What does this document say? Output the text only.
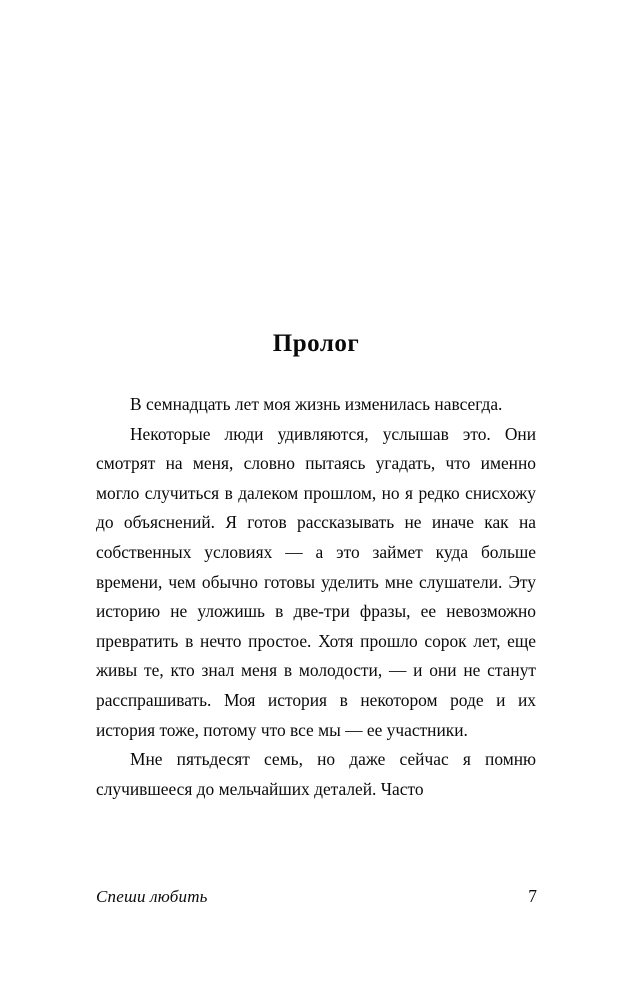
Пролог

В семнадцать лет моя жизнь изменилась навсегда.

Некоторые люди удивляются, услышав это. Они смотрят на меня, словно пытаясь угадать, что именно могло случиться в далеком прошлом, но я редко снисхожу до объяснений. Я готов рассказывать не иначе как на собственных условиях — а это займет куда больше времени, чем обычно готовы уделить мне слушатели. Эту историю не уложишь в две-три фразы, ее невозможно превратить в нечто простое. Хотя прошло сорок лет, еще живы те, кто знал меня в молодости, — и они не станут расспрашивать. Моя история в некотором роде и их история тоже, потому что все мы — ее участники.

Мне пятьдесят семь, но даже сейчас я помню случившееся до мельчайших деталей. Часто

Спеши любить	7
